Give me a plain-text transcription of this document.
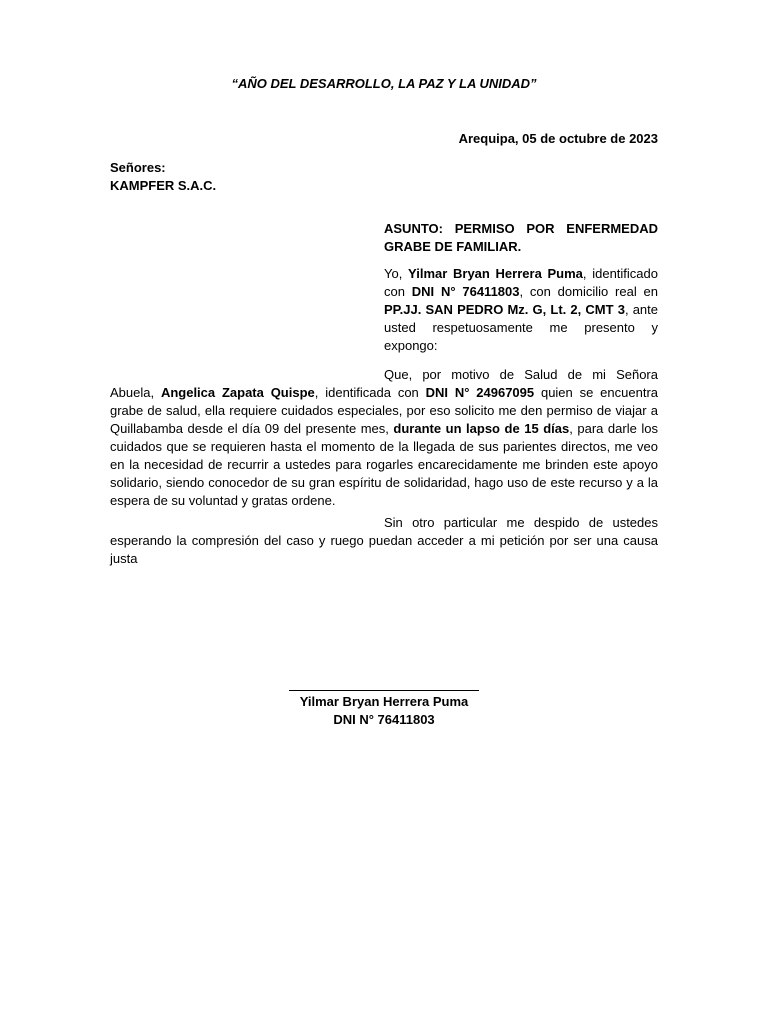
“AÑO DEL DESARROLLO, LA PAZ Y LA UNIDAD”
Arequipa, 05 de octubre de 2023
Señores:
KAMPFER S.A.C.
ASUNTO: PERMISO POR ENFERMEDAD GRABE DE FAMILIAR.
Yo, Yilmar Bryan Herrera Puma, identificado con DNI N° 76411803, con domicilio real en PP.JJ. SAN PEDRO Mz. G, Lt. 2, CMT 3, ante usted respetuosamente me presento y expongo:
Que, por motivo de Salud de mi Señora Abuela, Angelica Zapata Quispe, identificada con DNI N° 24967095 quien se encuentra grabe de salud, ella requiere cuidados especiales, por eso solicito me den permiso de viajar a Quillabamba desde el día 09 del presente mes, durante un lapso de 15 días, para darle los cuidados que se requieren hasta el momento de la llegada de sus parientes directos, me veo en la necesidad de recurrir a ustedes para rogarles encarecidamente me brinden este apoyo solidario, siendo conocedor de su gran espíritu de solidaridad, hago uso de este recurso y a la espera de su voluntad y gratas ordene.
Sin otro particular me despido de ustedes esperando la compresión del caso y ruego puedan acceder a mi petición por ser una causa justa
Yilmar Bryan Herrera Puma
DNI N° 76411803
